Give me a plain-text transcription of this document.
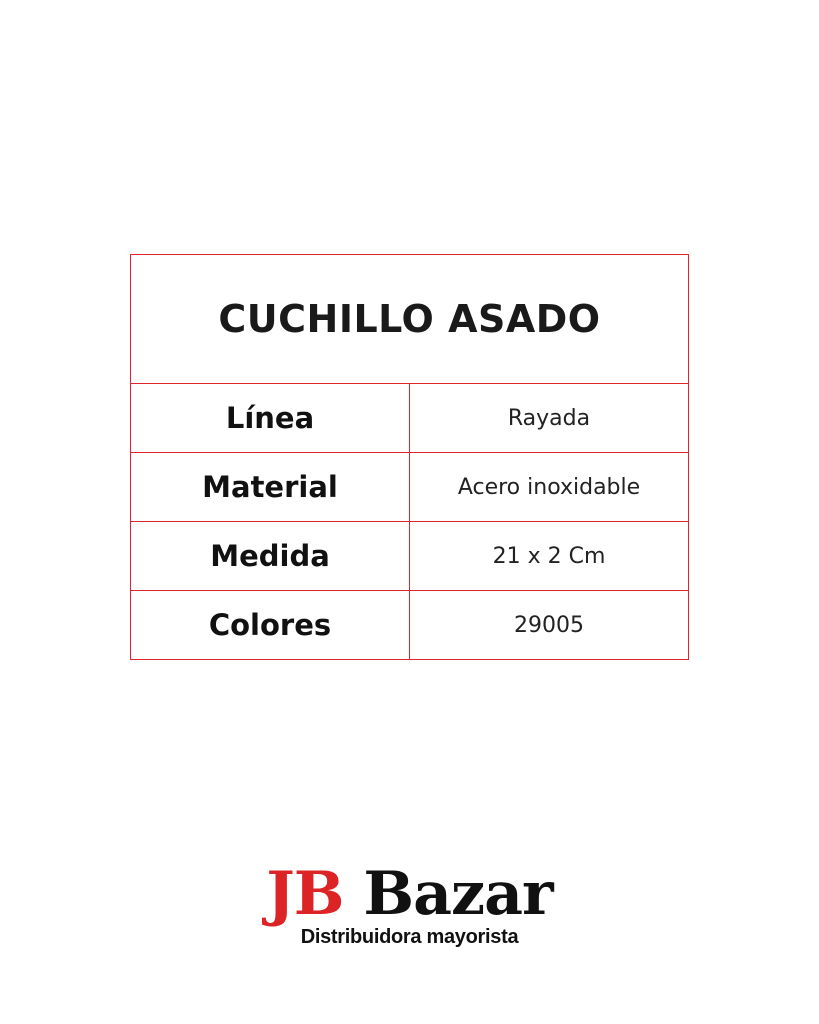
CUCHILLO ASADO	
Línea	Rayada
Material	Acero inoxidable
Medida	21 x 2 Cm
Colores	29005
JB Bazar
Distribuidora mayorista
